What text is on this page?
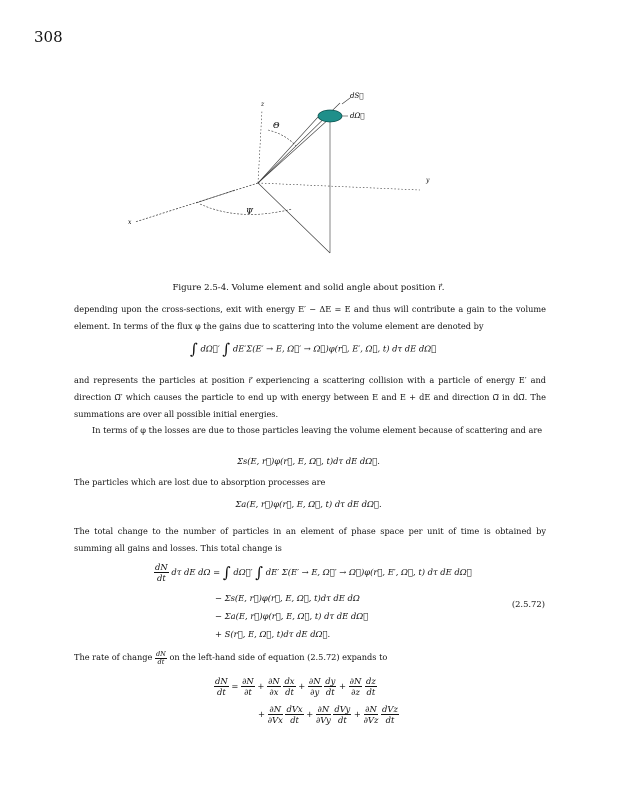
308
dS⃗
dΩ⃗
z
y
x
Θ
Ψ
Figure 2.5-4. Volume element and solid angle about position r⃗.

depending upon the cross-sections, exit with energy E′ − ΔE = E and thus will contribute a gain to the volume element. In terms of the flux φ the gains due to scattering into the volume element are denoted by

∫ dΩ⃗′ ∫ dE′Σ(E′ → E, Ω⃗′ → Ω⃗)φ(r⃗, E′, Ω⃗, t) dτ dE dΩ⃗

and represents the particles at position r⃗ experiencing a scattering collision with a particle of energy E′ and direction Ω⃗′ which causes the particle to end up with energy between E and E + dE and direction Ω⃗ in dΩ⃗. The summations are over all possible initial energies.

In terms of φ the losses are due to those particles leaving the volume element because of scattering and are

Σs(E, r⃗)φ(r⃗, E, Ω⃗, t)dτ dE dΩ⃗.

The particles which are lost due to absorption processes are

Σa(E, r⃗)φ(r⃗, E, Ω⃗, t) dτ dE dΩ⃗.

The total change to the number of particles in an element of phase space per unit of time is obtained by summing all gains and losses. This total change is

$\frac{dN}{dt}$ dτ dE dΩ = ∫ dΩ⃗′ ∫ dE′ Σ(E′ → E, Ω⃗′ → Ω⃗)φ(r⃗, E′, Ω⃗, t) dτ dE dΩ⃗
− Σs(E, r⃗)φ(r⃗, E, Ω⃗, t)dτ dE dΩ
− Σa(E, r⃗)φ(r⃗, E, Ω⃗, t) dτ dE dΩ⃗
+ S(r⃗, E, Ω⃗, t)dτ dE dΩ⃗.
(2.5.72)
The rate of change $\frac{dN}{dt}$ on the left-hand side of equation (2.5.72) expands to
$\frac{dN}{dt} = \frac{\partial N}{\partial t} + \frac{\partial N}{\partial x}$
$\frac{dx}{dt} + \frac{\partial N}{\partial y}$
$\frac{dy}{dt} + \frac{\partial N}{\partial z}$
$\frac{dz}{dt}$
+ $\frac{\partial N}{\partial Vx}$
$\frac{\text{dVx}}{dt} + \frac{\partial N}{\partial Vy}$
$\frac{\text{dVy}}{dt} + \frac{\partial N}{\partial Vz}$
$\frac{\text{dVz}}{dt}$
